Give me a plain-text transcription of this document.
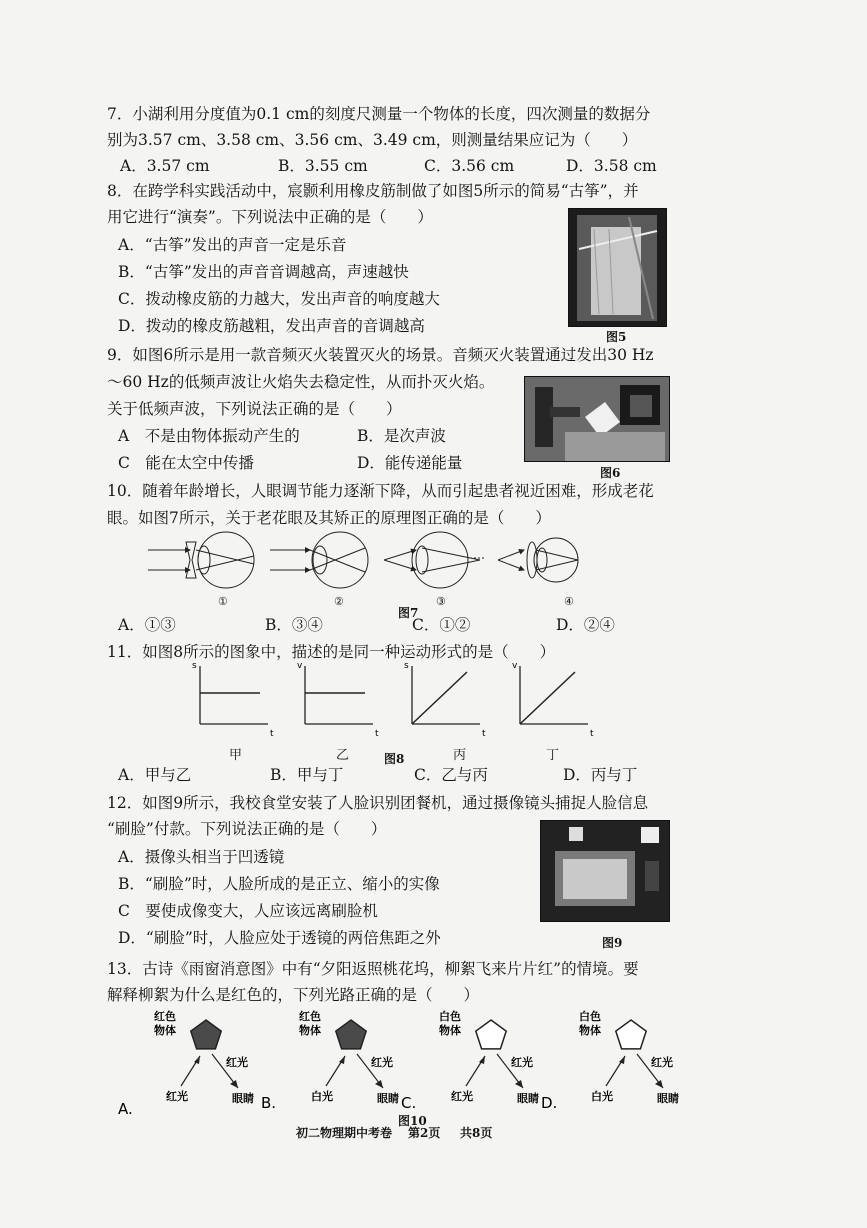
7．小湖利用分度值为0.1 cm的刻度尺测量一个物体的长度，四次测量的数据分
别为3.57 cm、3.58 cm、3.56 cm、3.49 cm，则测量结果应记为（　　）
A．3.57 cm	B．3.55 cm	C．3.56 cm	D．3.58 cm
8．在跨学科实践活动中，宸颢利用橡皮筋制做了如图5所示的简易“古筝”，并
用它进行“演奏”。下列说法中正确的是（　　）
A．“古筝”发出的声音一定是乐音
B．“古筝”发出的声音音调越高，声速越快
C．拨动橡皮筋的力越大，发出声音的响度越大
D．拨动的橡皮筋越粗，发出声音的音调越高
图5
9．如图6所示是用一款音频灭火装置灭火的场景。音频灭火装置通过发出30 Hz
～60 Hz的低频声波让火焰失去稳定性，从而扑灭火焰。
关于低频声波，下列说法正确的是（　　）
A　不是由物体振动产生的	B．是次声波
C　能在太空中传播	D．能传递能量
图6
10．随着年龄增长，人眼调节能力逐渐下降，从而引起患者视近困难，形成老花
眼。如图7所示，关于老花眼及其矫正的原理图正确的是（　　）
①	②	③	④
图7
A．①③	B．③④	C．①②	D．②④
11．如图8所示的图象中，描述的是同一种运动形式的是（　　）
s
t
v
t
s
t
v
t
甲	乙	丙	丁
图8
A．甲与乙	B．甲与丁	C．乙与丙	D．丙与丁
12．如图9所示，我校食堂安装了人脸识别团餐机，通过摄像镜头捕捉人脸信息
“刷脸”付款。下列说法正确的是（　　）
A．摄像头相当于凹透镜
B．“刷脸”时，人脸所成的是正立、缩小的实像
C　要使成像变大，人应该远离刷脸机
D．“刷脸”时，人脸应处于透镜的两倍焦距之外	图9
13．古诗《雨窗消意图》中有“夕阳返照桃花坞，柳絮飞来片片红”的情境。要
解释柳絮为什么是红色的，下列光路正确的是（　　）
红色
物体
红光
红光
眼睛
A.
红色
物体
白光
红光
眼睛
B.
白色
物体
红光
红光
眼睛
C.
白色
物体
白光
红光
眼睛
D.
图10
初二物理期中考卷 第2页 共8页
